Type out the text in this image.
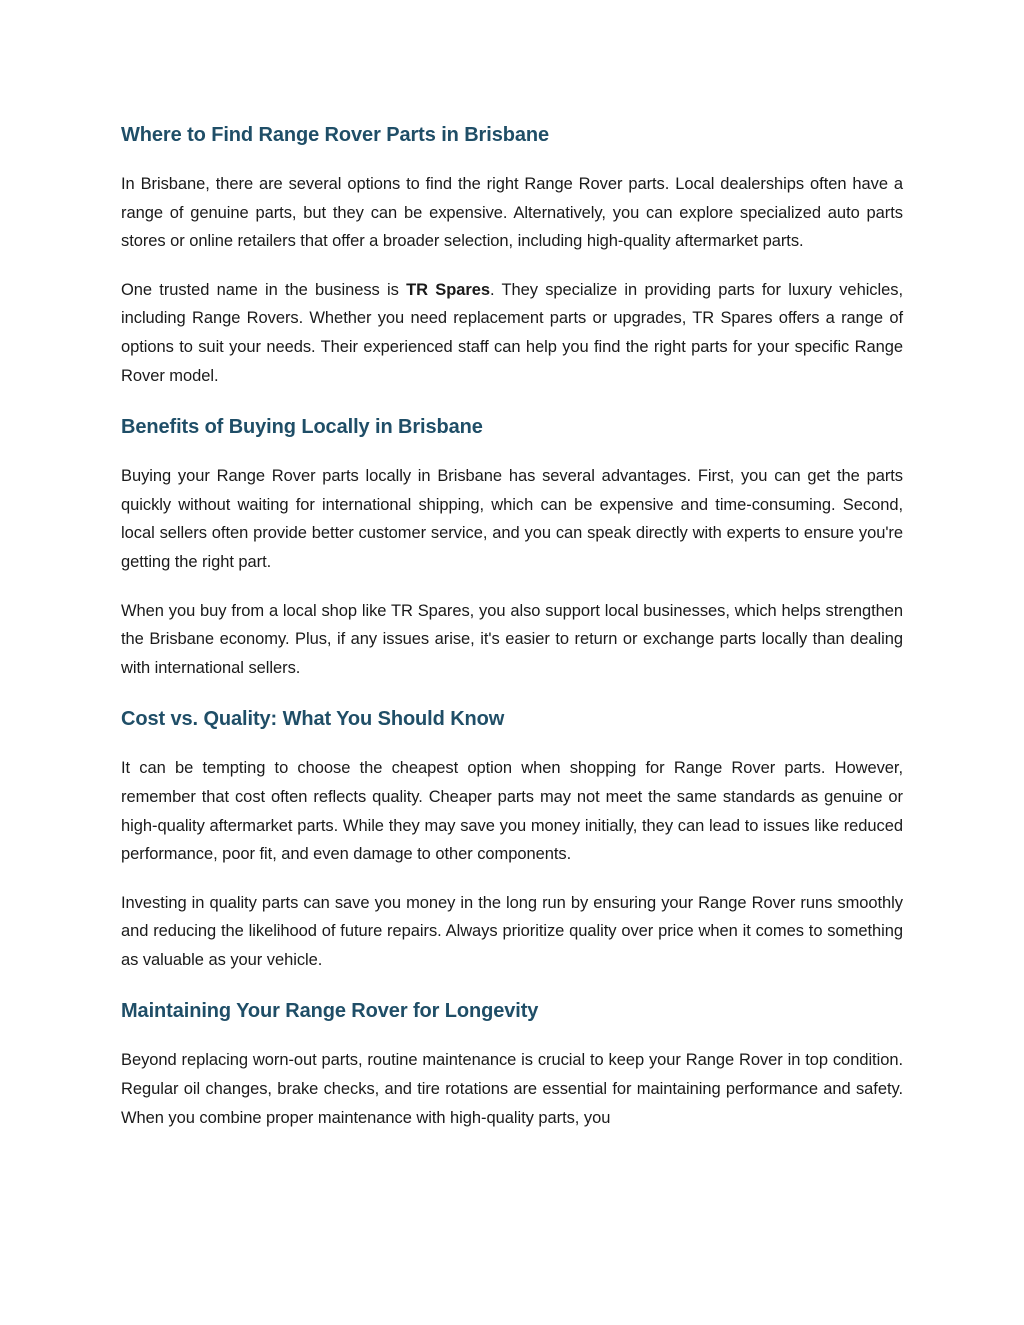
Where to Find Range Rover Parts in Brisbane

In Brisbane, there are several options to find the right Range Rover parts. Local dealerships often have a range of genuine parts, but they can be expensive. Alternatively, you can explore specialized auto parts stores or online retailers that offer a broader selection, including high-quality aftermarket parts.

One trusted name in the business is TR Spares. They specialize in providing parts for luxury vehicles, including Range Rovers. Whether you need replacement parts or upgrades, TR Spares offers a range of options to suit your needs. Their experienced staff can help you find the right parts for your specific Range Rover model.

Benefits of Buying Locally in Brisbane

Buying your Range Rover parts locally in Brisbane has several advantages. First, you can get the parts quickly without waiting for international shipping, which can be expensive and time-consuming. Second, local sellers often provide better customer service, and you can speak directly with experts to ensure you're getting the right part.

When you buy from a local shop like TR Spares, you also support local businesses, which helps strengthen the Brisbane economy. Plus, if any issues arise, it's easier to return or exchange parts locally than dealing with international sellers.

Cost vs. Quality: What You Should Know

It can be tempting to choose the cheapest option when shopping for Range Rover parts. However, remember that cost often reflects quality. Cheaper parts may not meet the same standards as genuine or high-quality aftermarket parts. While they may save you money initially, they can lead to issues like reduced performance, poor fit, and even damage to other components.

Investing in quality parts can save you money in the long run by ensuring your Range Rover runs smoothly and reducing the likelihood of future repairs. Always prioritize quality over price when it comes to something as valuable as your vehicle.

Maintaining Your Range Rover for Longevity

Beyond replacing worn-out parts, routine maintenance is crucial to keep your Range Rover in top condition. Regular oil changes, brake checks, and tire rotations are essential for maintaining performance and safety. When you combine proper maintenance with high-quality parts, you
